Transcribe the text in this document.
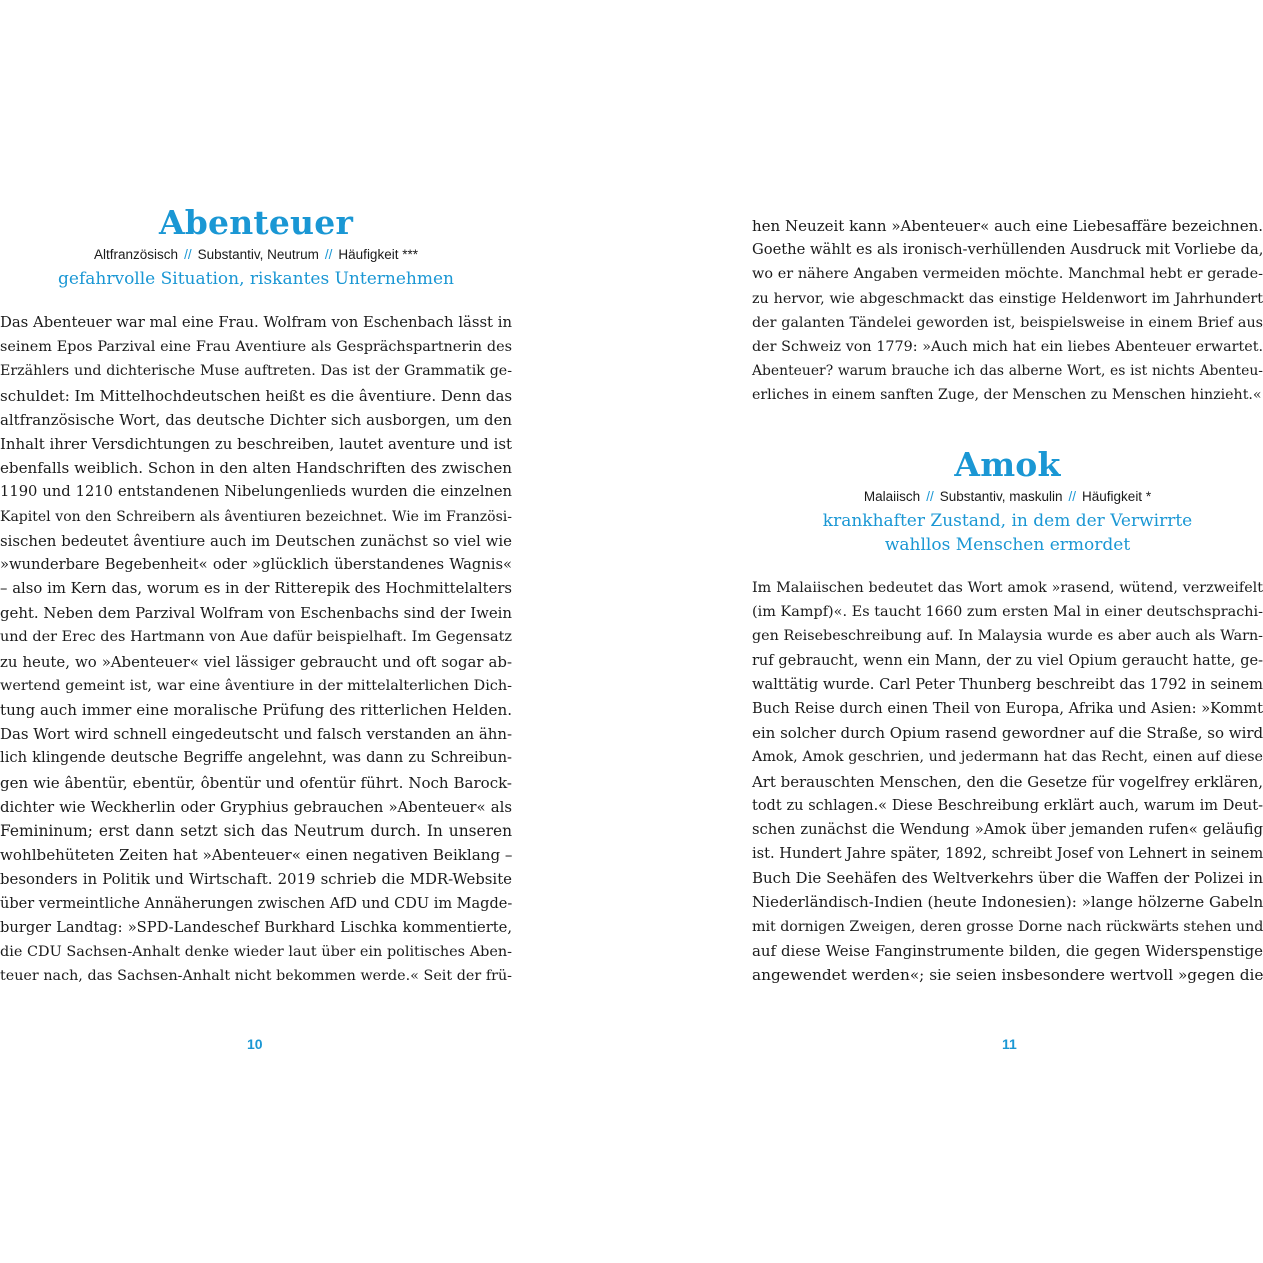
Abenteuer
Altfranzösisch // Substantiv, Neutrum // Häufigkeit ***
gefahrvolle Situation, riskantes Unternehmen
Das Abenteuer war mal eine Frau. Wolfram von Eschenbach lässt in
seinem Epos Parzival eine Frau Aventiure als Gesprächspartnerin des
Erzählers und dichterische Muse auftreten. Das ist der Grammatik ge-
schuldet: Im Mittelhochdeutschen heißt es die âventiure. Denn das
altfranzösische Wort, das deutsche Dichter sich ausborgen, um den
Inhalt ihrer Versdichtungen zu beschreiben, lautet aventure und ist
ebenfalls weiblich. Schon in den alten Handschriften des zwischen
1190 und 1210 entstandenen Nibelungenlieds wurden die einzelnen
Kapitel von den Schreibern als âventiuren bezeichnet. Wie im Französi-
sischen bedeutet âventiure auch im Deutschen zunächst so viel wie
»wunderbare Begebenheit« oder »glücklich überstandenes Wagnis«
– also im Kern das, worum es in der Ritterepik des Hochmittelalters
geht. Neben dem Parzival Wolfram von Eschenbachs sind der Iwein
und der Erec des Hartmann von Aue dafür beispielhaft. Im Gegensatz
zu heute, wo »Abenteuer« viel lässiger gebraucht und oft sogar ab-
wertend gemeint ist, war eine âventiure in der mittelalterlichen Dich-
tung auch immer eine moralische Prüfung des ritterlichen Helden.
Das Wort wird schnell eingedeutscht und falsch verstanden an ähn-
lich klingende deutsche Begriffe angelehnt, was dann zu Schreibun-
gen wie âbentür, ebentür, ôbentür und ofentür führt. Noch Barock-
dichter wie Weckherlin oder Gryphius gebrauchen »Abenteuer« als
Femininum; erst dann setzt sich das Neutrum durch. In unseren
wohlbehüteten Zeiten hat »Abenteuer« einen negativen Beiklang –
besonders in Politik und Wirtschaft. 2019 schrieb die MDR-Website
über vermeintliche Annäherungen zwischen AfD und CDU im Magde-
burger Landtag: »SPD-Landeschef Burkhard Lischka kommentierte,
die CDU Sachsen-Anhalt denke wieder laut über ein politisches Aben-
teuer nach, das Sachsen-Anhalt nicht bekommen werde.« Seit der frü-
10
hen Neuzeit kann »Abenteuer« auch eine Liebesaffäre bezeichnen.
Goethe wählt es als ironisch-verhüllenden Ausdruck mit Vorliebe da,
wo er nähere Angaben vermeiden möchte. Manchmal hebt er gerade-
zu hervor, wie abgeschmackt das einstige Heldenwort im Jahrhundert
der galanten Tändelei geworden ist, beispielsweise in einem Brief aus
der Schweiz von 1779: »Auch mich hat ein liebes Abenteuer erwartet.
Abenteuer? warum brauche ich das alberne Wort, es ist nichts Abenteu-
erliches in einem sanften Zuge, der Menschen zu Menschen hinzieht.«
Amok
Malaiisch // Substantiv, maskulin // Häufigkeit *
krankhafter Zustand, in dem der Verwirrte
wahllos Menschen ermordet
Im Malaiischen bedeutet das Wort amok »rasend, wütend, verzweifelt
(im Kampf)«. Es taucht 1660 zum ersten Mal in einer deutschsprachi-
gen Reisebeschreibung auf. In Malaysia wurde es aber auch als Warn-
ruf gebraucht, wenn ein Mann, der zu viel Opium geraucht hatte, ge-
walttätig wurde. Carl Peter Thunberg beschreibt das 1792 in seinem
Buch Reise durch einen Theil von Europa, Afrika und Asien: »Kommt
ein solcher durch Opium rasend gewordner auf die Straße, so wird
Amok, Amok geschrien, und jedermann hat das Recht, einen auf diese
Art berauschten Menschen, den die Gesetze für vogelfrey erklären,
todt zu schlagen.« Diese Beschreibung erklärt auch, warum im Deut-
schen zunächst die Wendung »Amok über jemanden rufen« geläufig
ist. Hundert Jahre später, 1892, schreibt Josef von Lehnert in seinem
Buch Die Seehäfen des Weltverkehrs über die Waffen der Polizei in
Niederländisch-Indien (heute Indonesien): »lange hölzerne Gabeln
mit dornigen Zweigen, deren grosse Dorne nach rückwärts stehen und
auf diese Weise Fanginstrumente bilden, die gegen Widerspenstige
angewendet werden«; sie seien insbesondere wertvoll »gegen die
11
